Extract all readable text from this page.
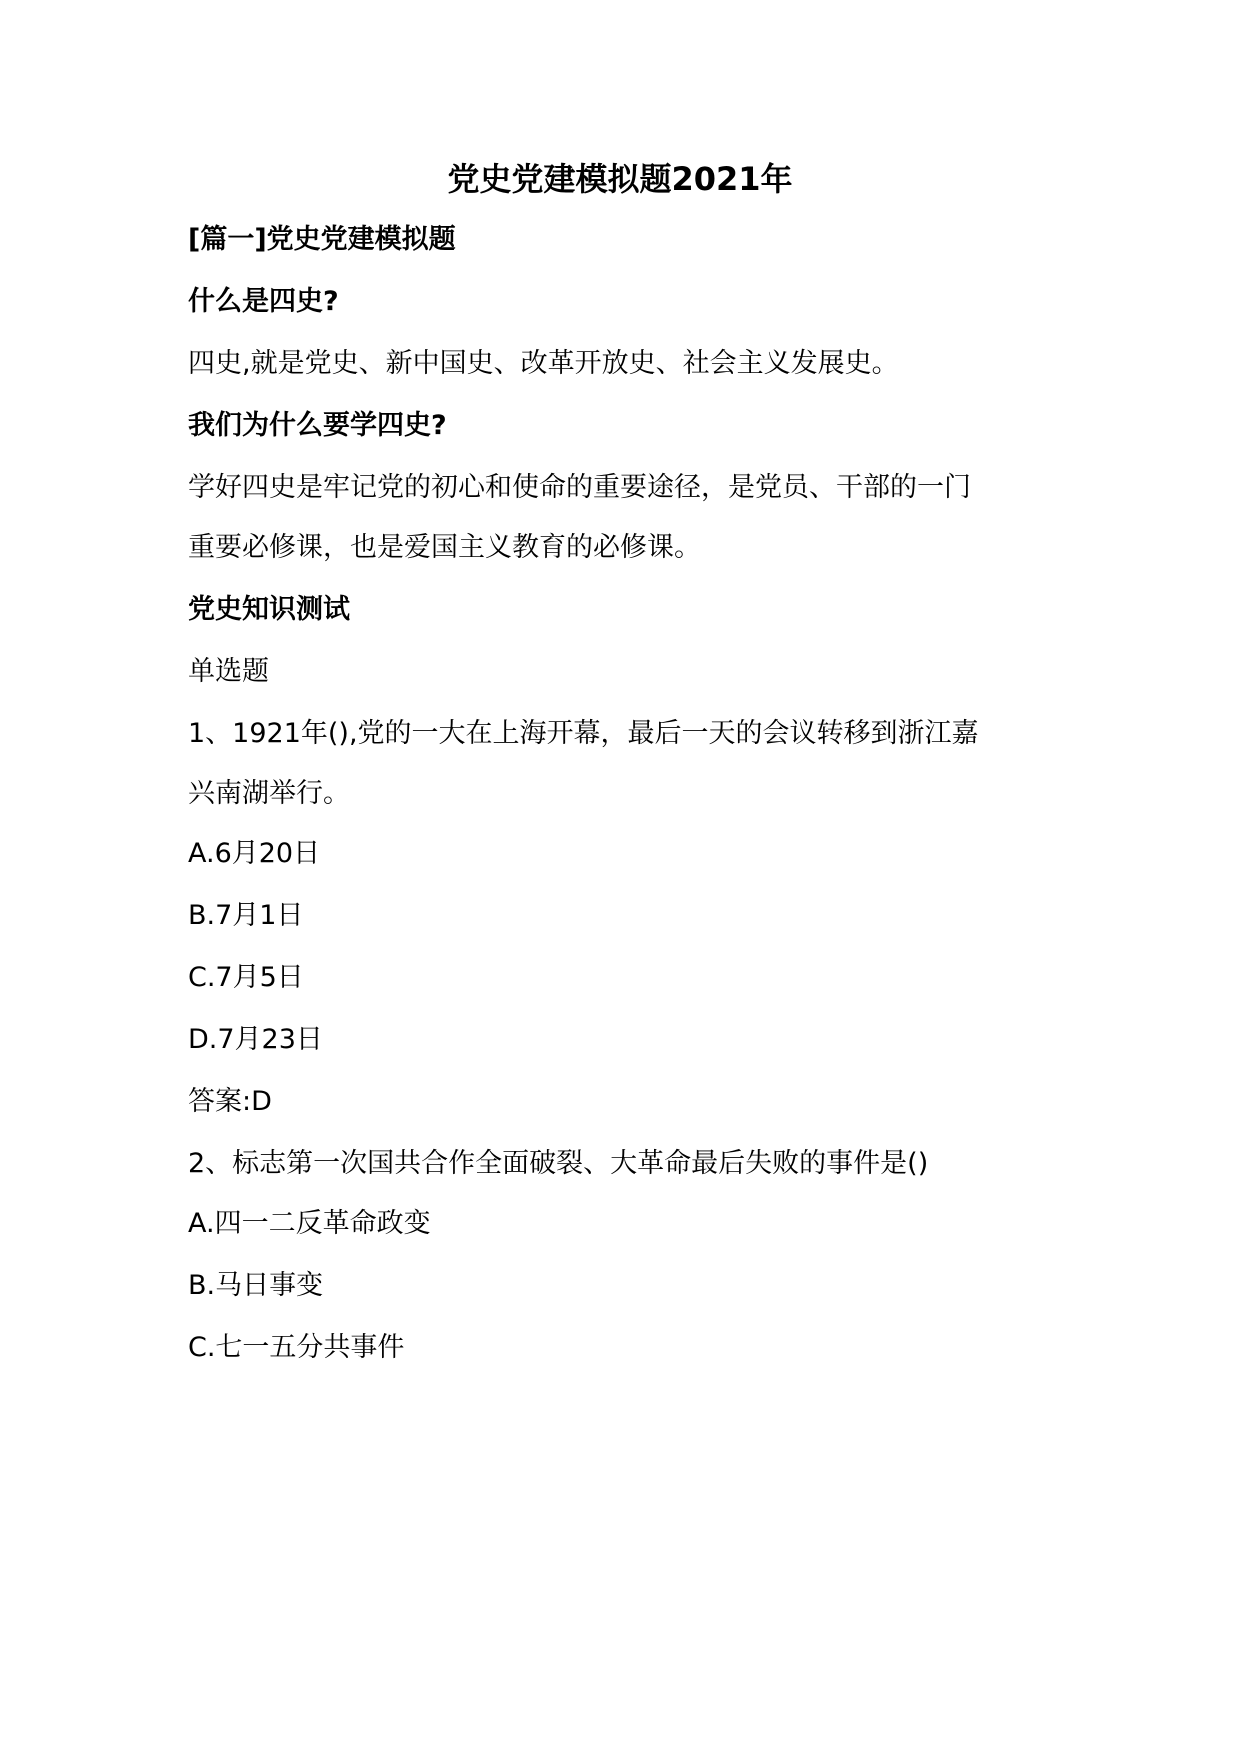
党史党建模拟题2021年
[篇一]党史党建模拟题
什么是四史?
四史,就是党史、新中国史、改革开放史、社会主义发展史。
我们为什么要学四史?
学好四史是牢记党的初心和使命的重要途径，是党员、干部的一门
重要必修课，也是爱国主义教育的必修课。
党史知识测试
单选题
1、1921年(),党的一大在上海开幕，最后一天的会议转移到浙江嘉
兴南湖举行。
A.6月20日
B.7月1日
C.7月5日
D.7月23日
答案:D
2、标志第一次国共合作全面破裂、大革命最后失败的事件是()
A.四一二反革命政变
B.马日事变
C.七一五分共事件
